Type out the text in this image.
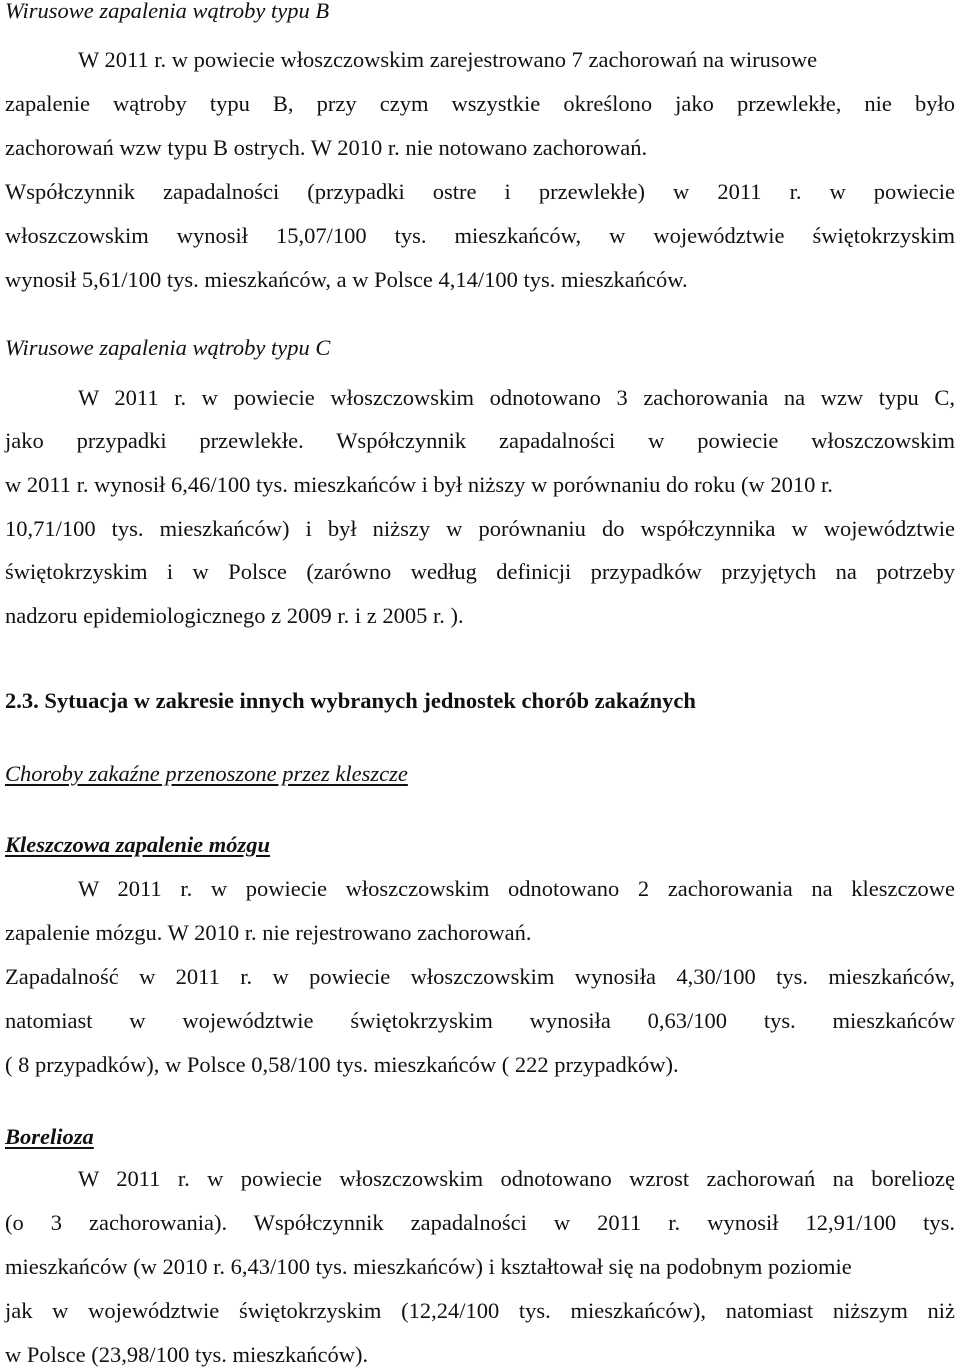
Wirusowe zapalenia wątroby typu B
W 2011 r. w powiecie włoszczowskim zarejestrowano 7 zachorowań na wirusowe
zapalenie wątroby typu B, przy czym wszystkie określono jako przewlekłe, nie było
zachorowań wzw typu B ostrych. W 2010 r. nie notowano zachorowań.
Współczynnik zapadalności (przypadki ostre i przewlekłe) w 2011 r. w powiecie
włoszczowskim wynosił 15,07/100 tys. mieszkańców, w województwie świętokrzyskim
wynosił 5,61/100 tys. mieszkańców, a w Polsce 4,14/100 tys. mieszkańców.
Wirusowe zapalenia wątroby typu C
W 2011 r. w powiecie włoszczowskim odnotowano 3 zachorowania na wzw typu C,
jako przypadki przewlekłe. Współczynnik zapadalności w powiecie włoszczowskim
w 2011 r. wynosił 6,46/100 tys. mieszkańców i był niższy w porównaniu do roku (w 2010 r.
10,71/100 tys. mieszkańców) i był niższy w porównaniu do współczynnika w województwie
świętokrzyskim i w Polsce (zarówno według definicji przypadków przyjętych na potrzeby
nadzoru epidemiologicznego z 2009 r. i z 2005 r. ).
2.3. Sytuacja w zakresie innych wybranych jednostek chorób zakaźnych
Choroby zakaźne przenoszone przez kleszcze
Kleszczowa zapalenie mózgu
W 2011 r. w powiecie włoszczowskim odnotowano 2 zachorowania na kleszczowe
zapalenie mózgu. W 2010 r. nie rejestrowano zachorowań.
Zapadalność w 2011 r. w powiecie włoszczowskim wynosiła 4,30/100 tys. mieszkańców,
natomiast w województwie świętokrzyskim wynosiła 0,63/100 tys. mieszkańców
( 8 przypadków), w Polsce 0,58/100 tys. mieszkańców ( 222 przypadków).
Borelioza
W 2011 r. w powiecie włoszczowskim odnotowano wzrost zachorowań na boreliozę
(o 3 zachorowania). Współczynnik zapadalności w 2011 r. wynosił 12,91/100 tys.
mieszkańców (w 2010 r. 6,43/100 tys. mieszkańców) i kształtował się na podobnym poziomie
jak w województwie świętokrzyskim (12,24/100 tys. mieszkańców), natomiast niższym niż
w Polsce (23,98/100 tys. mieszkańców).
